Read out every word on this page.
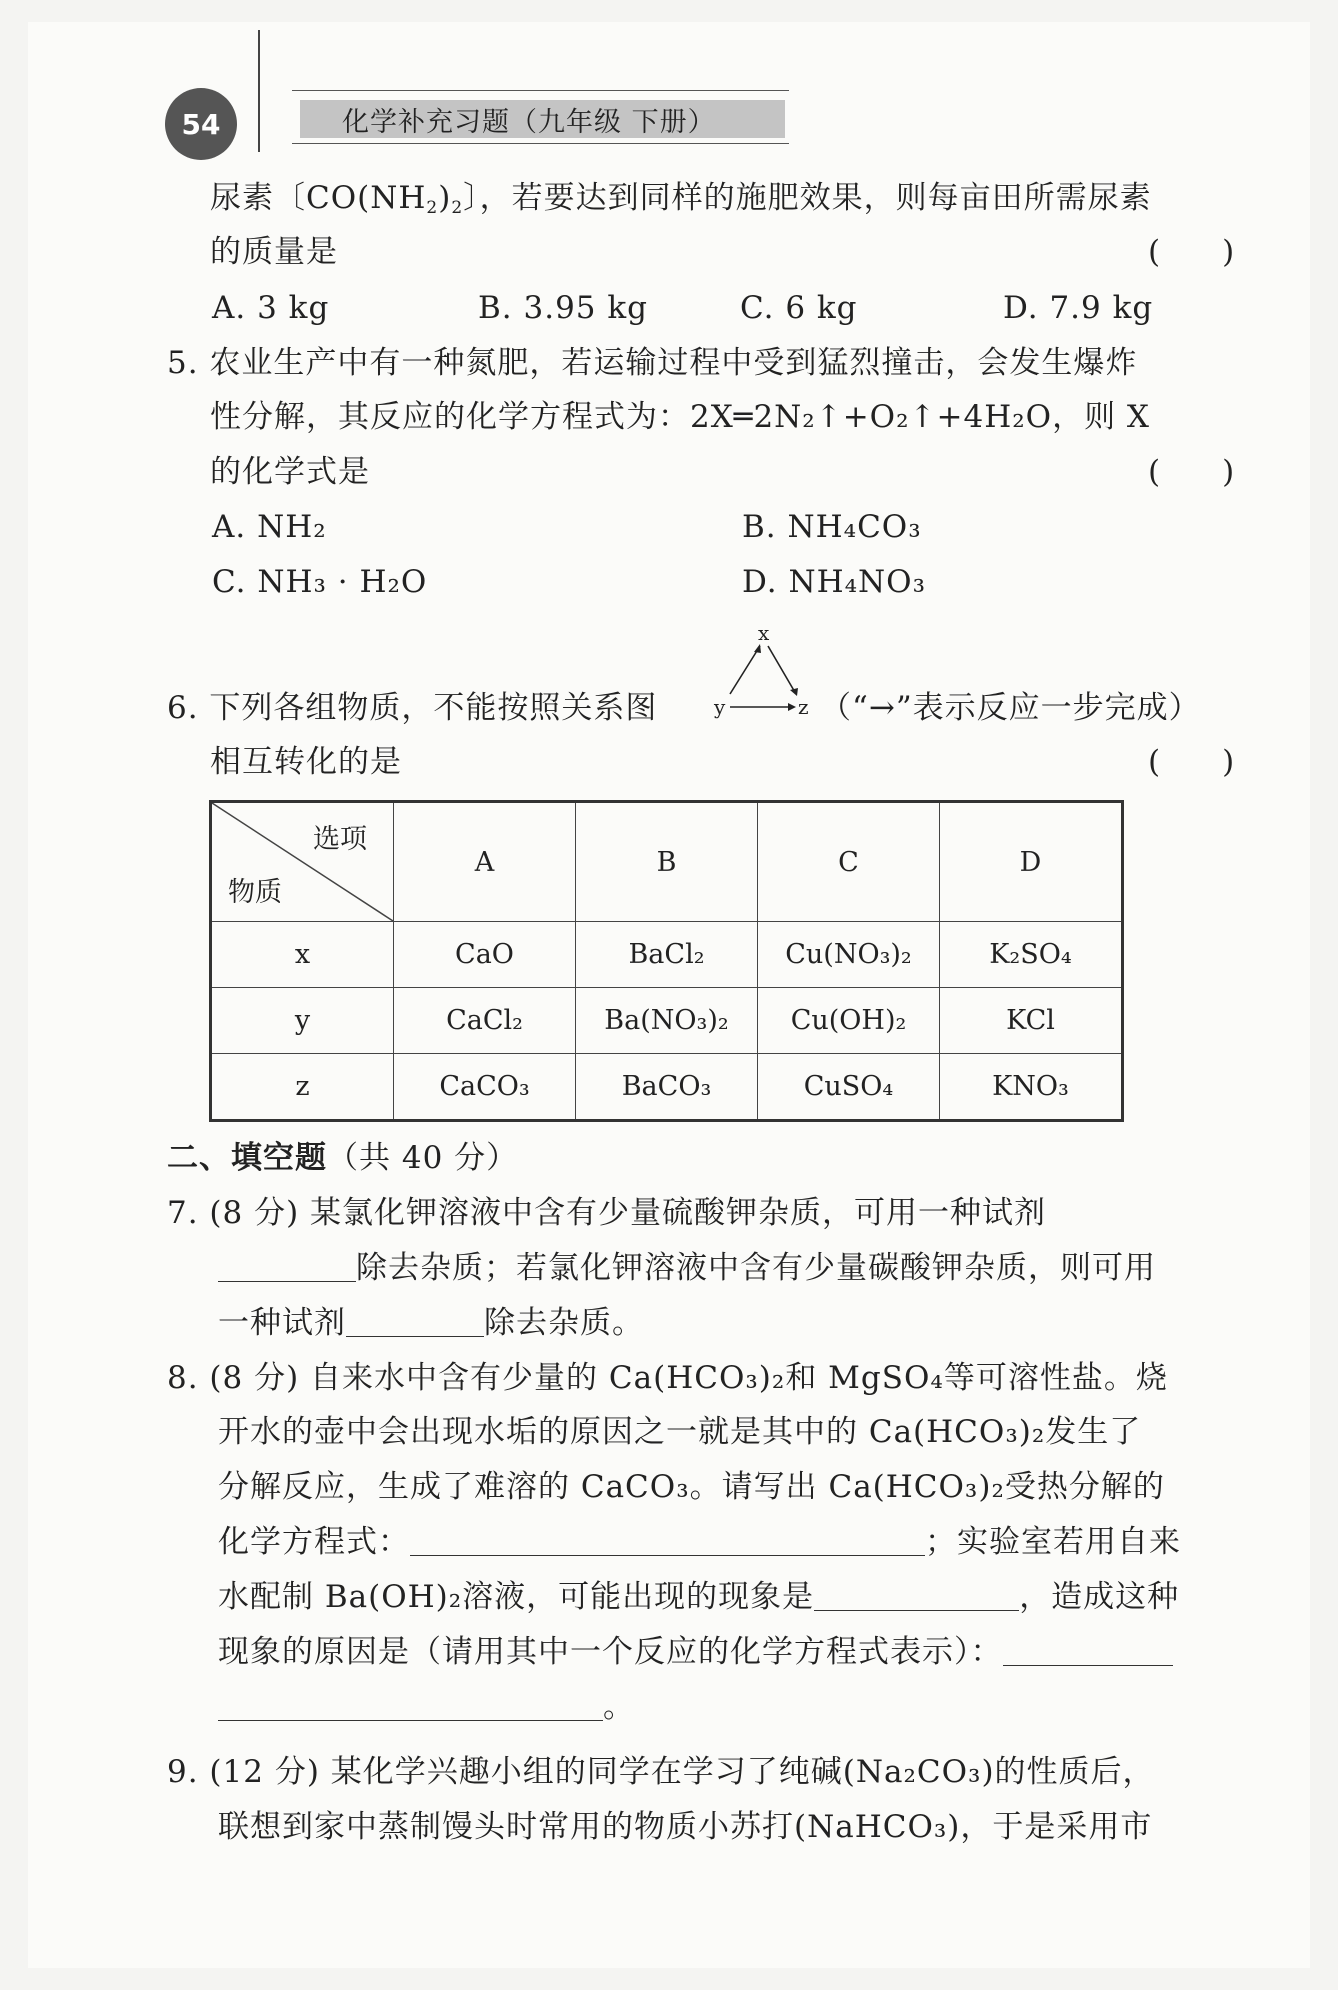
54	化学补充习题（九年级 下册）
尿素〔$CO(NH_2)_2$〕，若要达到同样的施肥效果，则每亩田所需尿素
的质量是	(　　)
A. 3 kg	B. 3.95 kg	C. 6 kg	D. 7.9 kg
5. 农业生产中有一种氮肥，若运输过程中受到猛烈撞击，会发生爆炸
性分解，其反应的化学方程式为：2X═2N₂↑+O₂↑+4H₂O，则 X
的化学式是	(　　)
A. NH₂	B. NH₄CO₃
C. NH₃ · H₂O	D. NH₄NO₃
6. 下列各组物质，不能按照关系图
x
y	z （“→”表示反应一步完成）
相互转化的是	(　　)
选项
物质	A	B	C	D
x	CaO	BaCl₂	Cu(NO₃)₂	K₂SO₄
y	CaCl₂	Ba(NO₃)₂	Cu(OH)₂	KCl
z	CaCO₃	BaCO₃	CuSO₄	KNO₃
二、填空题（共 40 分）
7. (8 分) 某氯化钾溶液中含有少量硫酸钾杂质，可用一种试剂
除去杂质；若氯化钾溶液中含有少量碳酸钾杂质，则可用
一种试剂	除去杂质。
8. (8 分) 自来水中含有少量的 Ca(HCO₃)₂和 MgSO₄等可溶性盐。烧
开水的壶中会出现水垢的原因之一就是其中的 Ca(HCO₃)₂发生了
分解反应，生成了难溶的 CaCO₃。请写出 Ca(HCO₃)₂受热分解的
化学方程式：	；实验室若用自来
水配制 Ba(OH)₂溶液，可能出现的现象是	，造成这种
现象的原因是（请用其中一个反应的化学方程式表示）：
。
9. (12 分) 某化学兴趣小组的同学在学习了纯碱(Na₂CO₃)的性质后，
联想到家中蒸制馒头时常用的物质小苏打(NaHCO₃)，于是采用市
